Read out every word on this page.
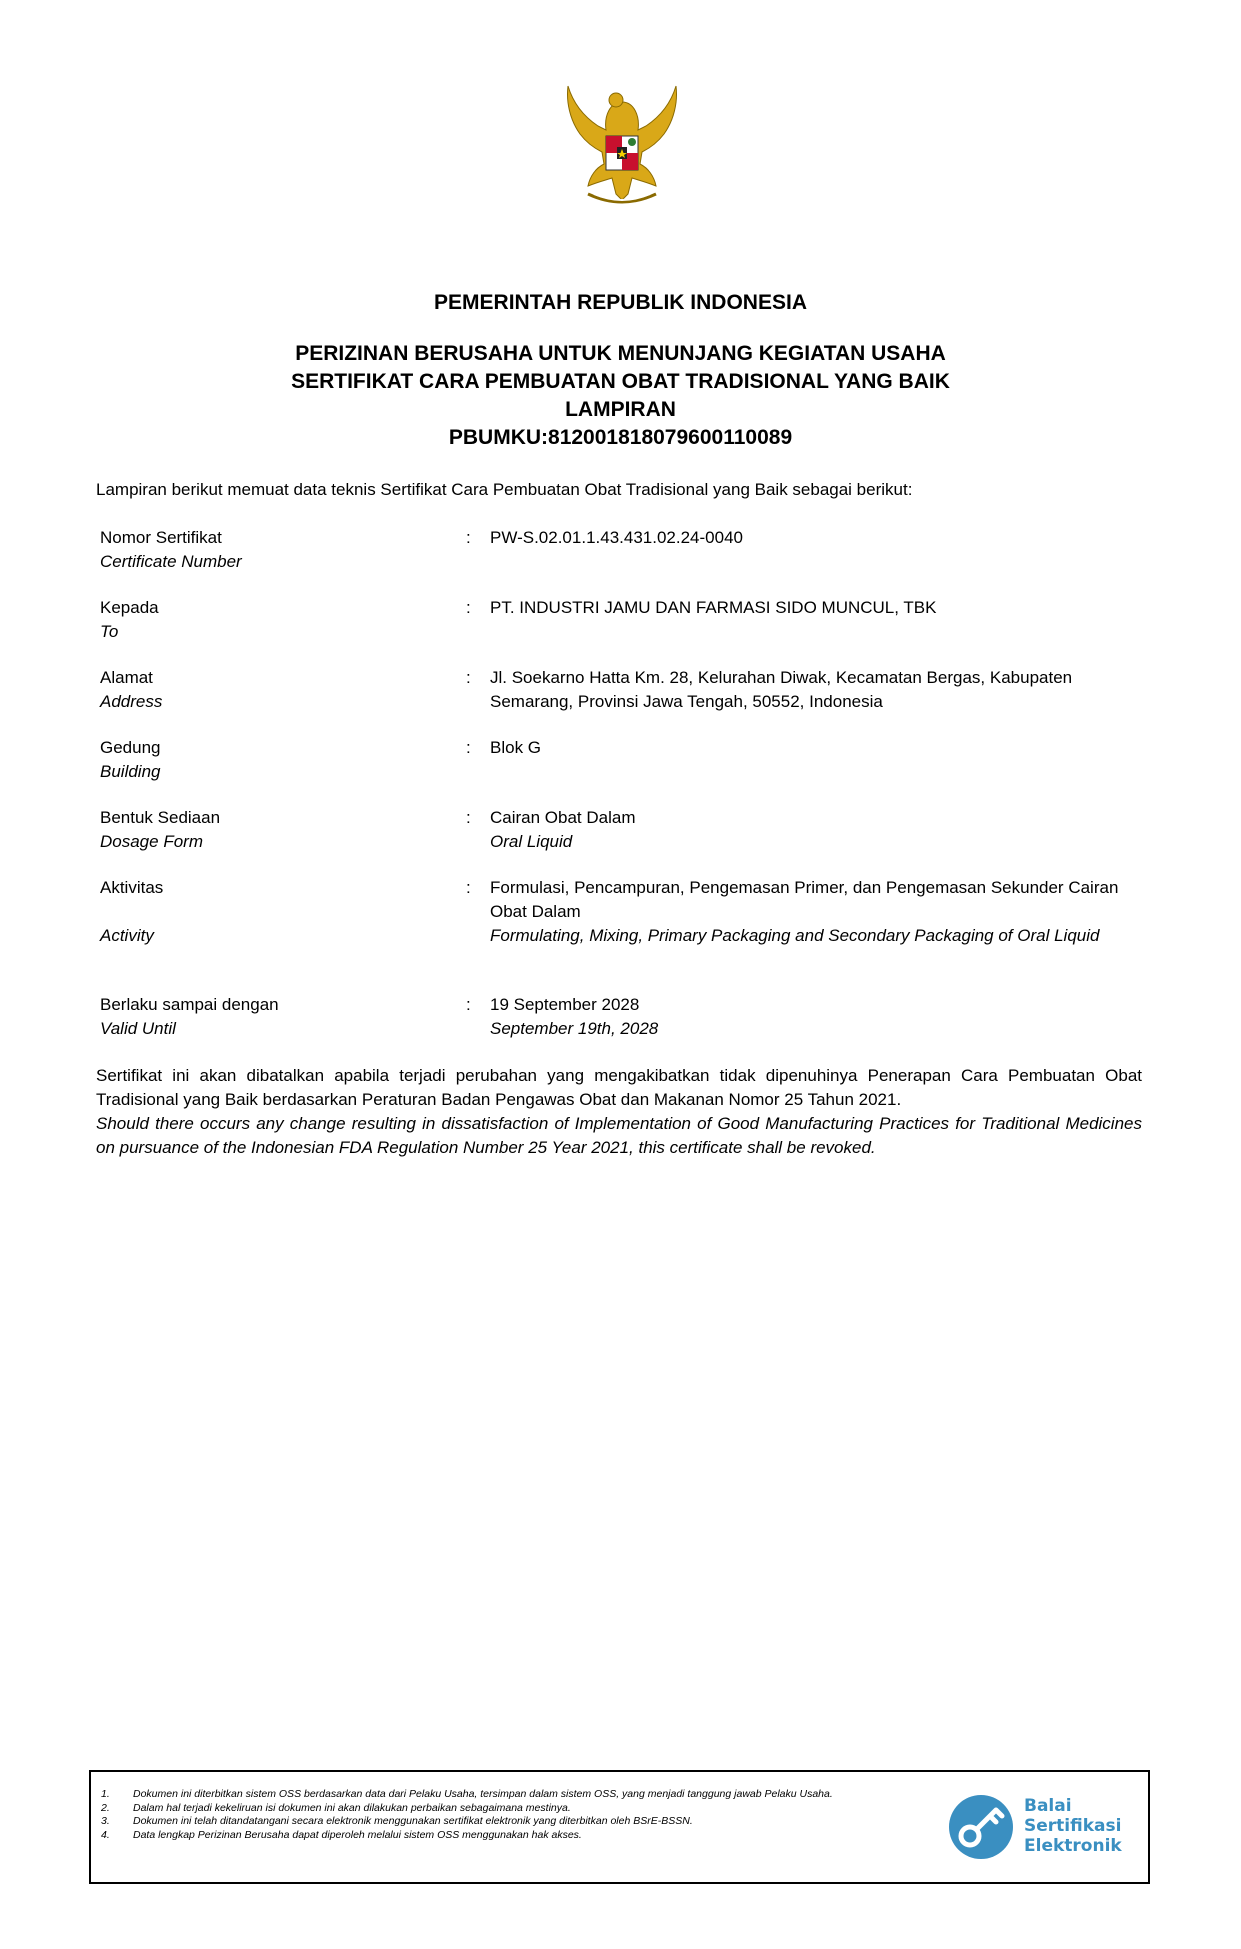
PEMERINTAH REPUBLIK INDONESIA
PERIZINAN BERUSAHA UNTUK MENUNJANG KEGIATAN USAHA
SERTIFIKAT CARA PEMBUATAN OBAT TRADISIONAL YANG BAIK
LAMPIRAN
PBUMKU:812001818079600110089
Lampiran berikut memuat data teknis Sertifikat Cara Pembuatan Obat Tradisional yang Baik sebagai berikut:
Nomor Sertifikat
Certificate Number
: PW-S.02.01.1.43.431.02.24-0040
Kepada
To
: PT. INDUSTRI JAMU DAN FARMASI SIDO MUNCUL, TBK
Alamat
Address
: Jl. Soekarno Hatta Km. 28, Kelurahan Diwak, Kecamatan Bergas, Kabupaten Semarang, Provinsi Jawa Tengah, 50552, Indonesia
Gedung
Building
: Blok G
Bentuk Sediaan
Dosage Form
: Cairan Obat Dalam
Oral Liquid
Aktivitas
Activity
: Formulasi, Pencampuran, Pengemasan Primer, dan Pengemasan Sekunder Cairan Obat Dalam
Formulating, Mixing, Primary Packaging and Secondary Packaging of Oral Liquid
Berlaku sampai dengan
Valid Until
: 19 September 2028
September 19th, 2028
Sertifikat ini akan dibatalkan apabila terjadi perubahan yang mengakibatkan tidak dipenuhinya Penerapan Cara Pembuatan Obat Tradisional yang Baik berdasarkan Peraturan Badan Pengawas Obat dan Makanan Nomor 25 Tahun 2021.
Should there occurs any change resulting in dissatisfaction of Implementation of Good Manufacturing Practices for Traditional Medicines on pursuance of the Indonesian FDA Regulation Number 25 Year 2021, this certificate shall be revoked.
1.	Dokumen ini diterbitkan sistem OSS berdasarkan data dari Pelaku Usaha, tersimpan dalam sistem OSS, yang menjadi tanggung jawab Pelaku Usaha.
2.	Dalam hal terjadi kekeliruan isi dokumen ini akan dilakukan perbaikan sebagaimana mestinya.
3.	Dokumen ini telah ditandatangani secara elektronik menggunakan sertifikat elektronik yang diterbitkan oleh BSrE-BSSN.
4.	Data lengkap Perizinan Berusaha dapat diperoleh melalui sistem OSS menggunakan hak akses.
Balai
Sertifikasi
Elektronik
